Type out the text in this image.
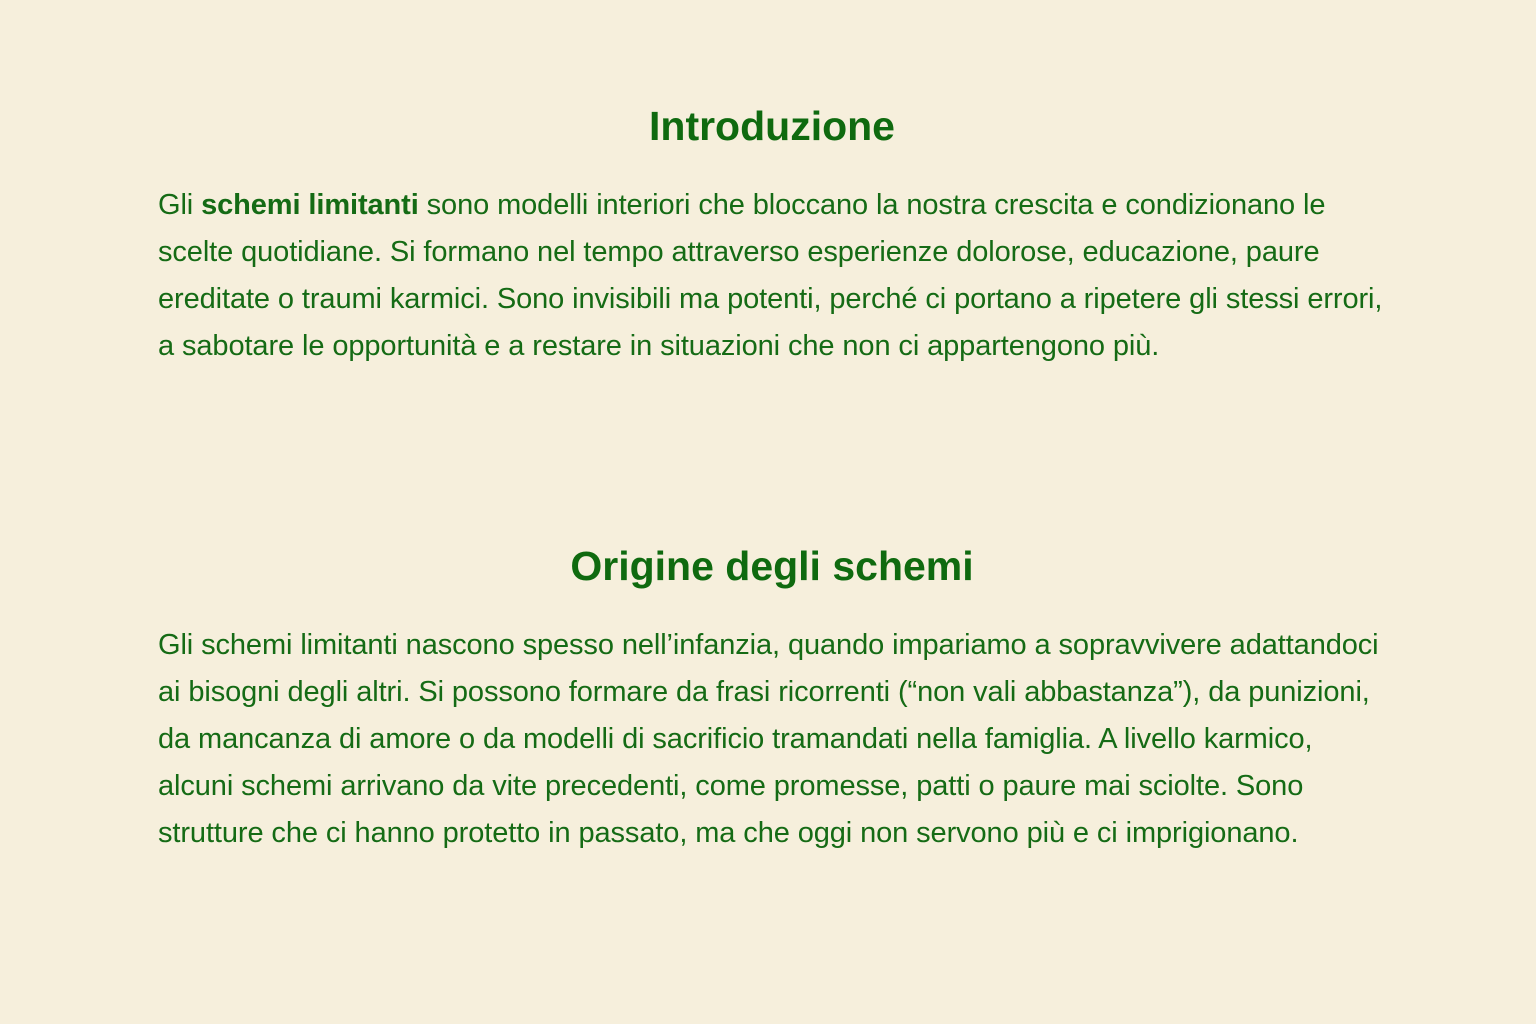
Introduzione

Gli schemi limitanti sono modelli interiori che bloccano la nostra crescita e condizionano le scelte quotidiane. Si formano nel tempo attraverso esperienze dolorose, educazione, paure ereditate o traumi karmici. Sono invisibili ma potenti, perché ci portano a ripetere gli stessi errori, a sabotare le opportunità e a restare in situazioni che non ci appartengono più.

Origine degli schemi

Gli schemi limitanti nascono spesso nell’infanzia, quando impariamo a sopravvivere adattandoci ai bisogni degli altri. Si possono formare da frasi ricorrenti (“non vali abbastanza”), da punizioni, da mancanza di amore o da modelli di sacrificio tramandati nella famiglia. A livello karmico, alcuni schemi arrivano da vite precedenti, come promesse, patti o paure mai sciolte. Sono strutture che ci hanno protetto in passato, ma che oggi non servono più e ci imprigionano.
